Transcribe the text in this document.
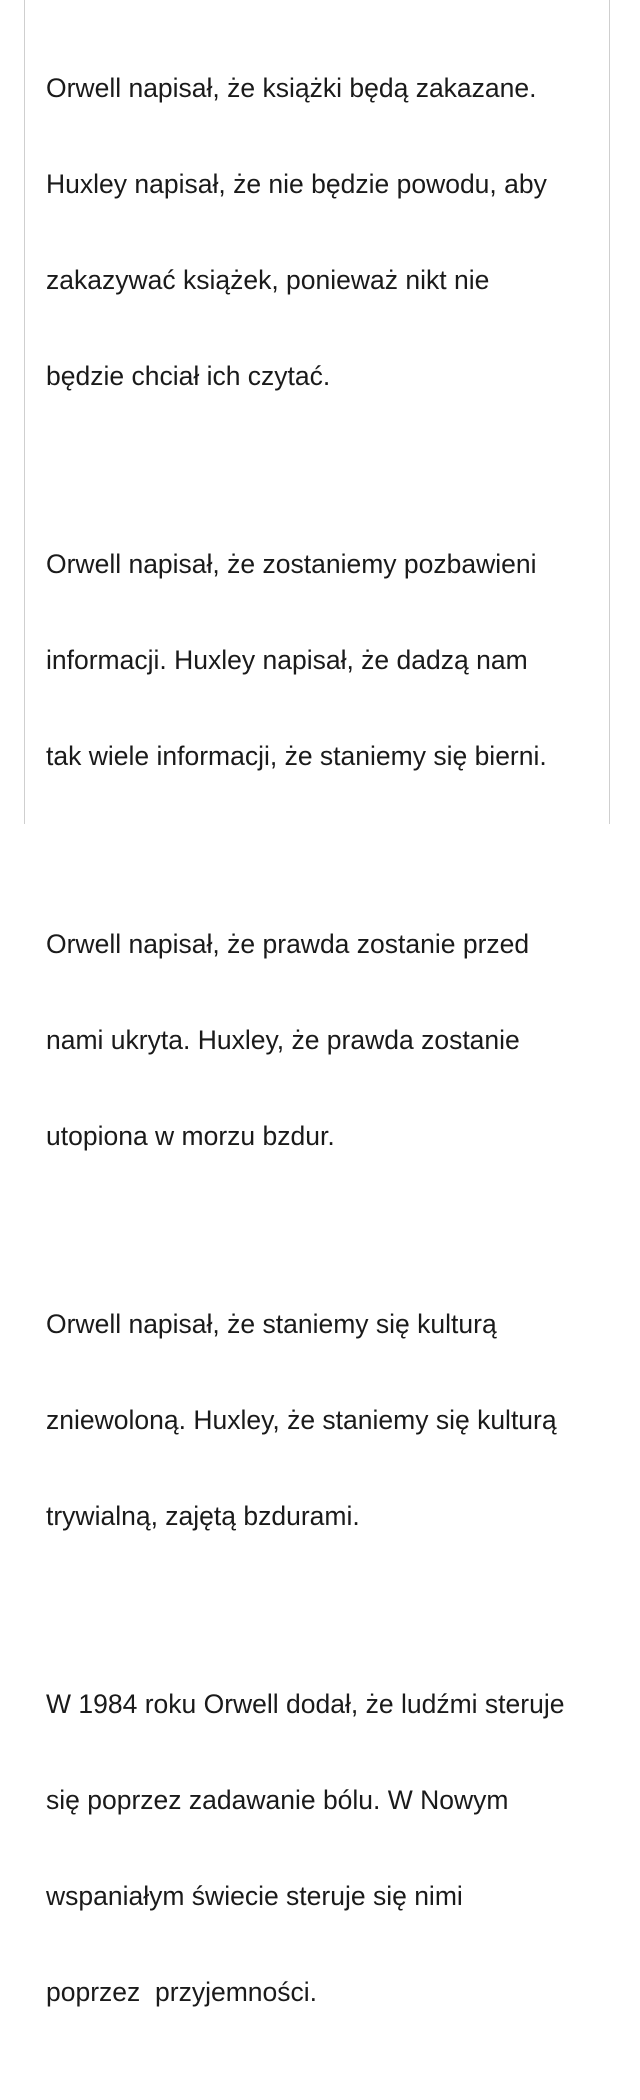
Orwell napisał, że książki będą zakazane.

Huxley napisał, że nie będzie powodu, aby

zakazywać książek, ponieważ nikt nie

będzie chciał ich czytać.

Orwell napisał, że zostaniemy pozbawieni

informacji. Huxley napisał, że dadzą nam

tak wiele informacji, że staniemy się bierni.

Orwell napisał, że prawda zostanie przed

nami ukryta. Huxley, że prawda zostanie

utopiona w morzu bzdur.

Orwell napisał, że staniemy się kulturą

zniewoloną. Huxley, że staniemy się kulturą

trywialną, zajętą bzdurami.

W 1984 roku Orwell dodał, że ludźmi steruje

się poprzez zadawanie bólu. W Nowym

wspaniałym świecie steruje się nimi

poprzez  przyjemności.
